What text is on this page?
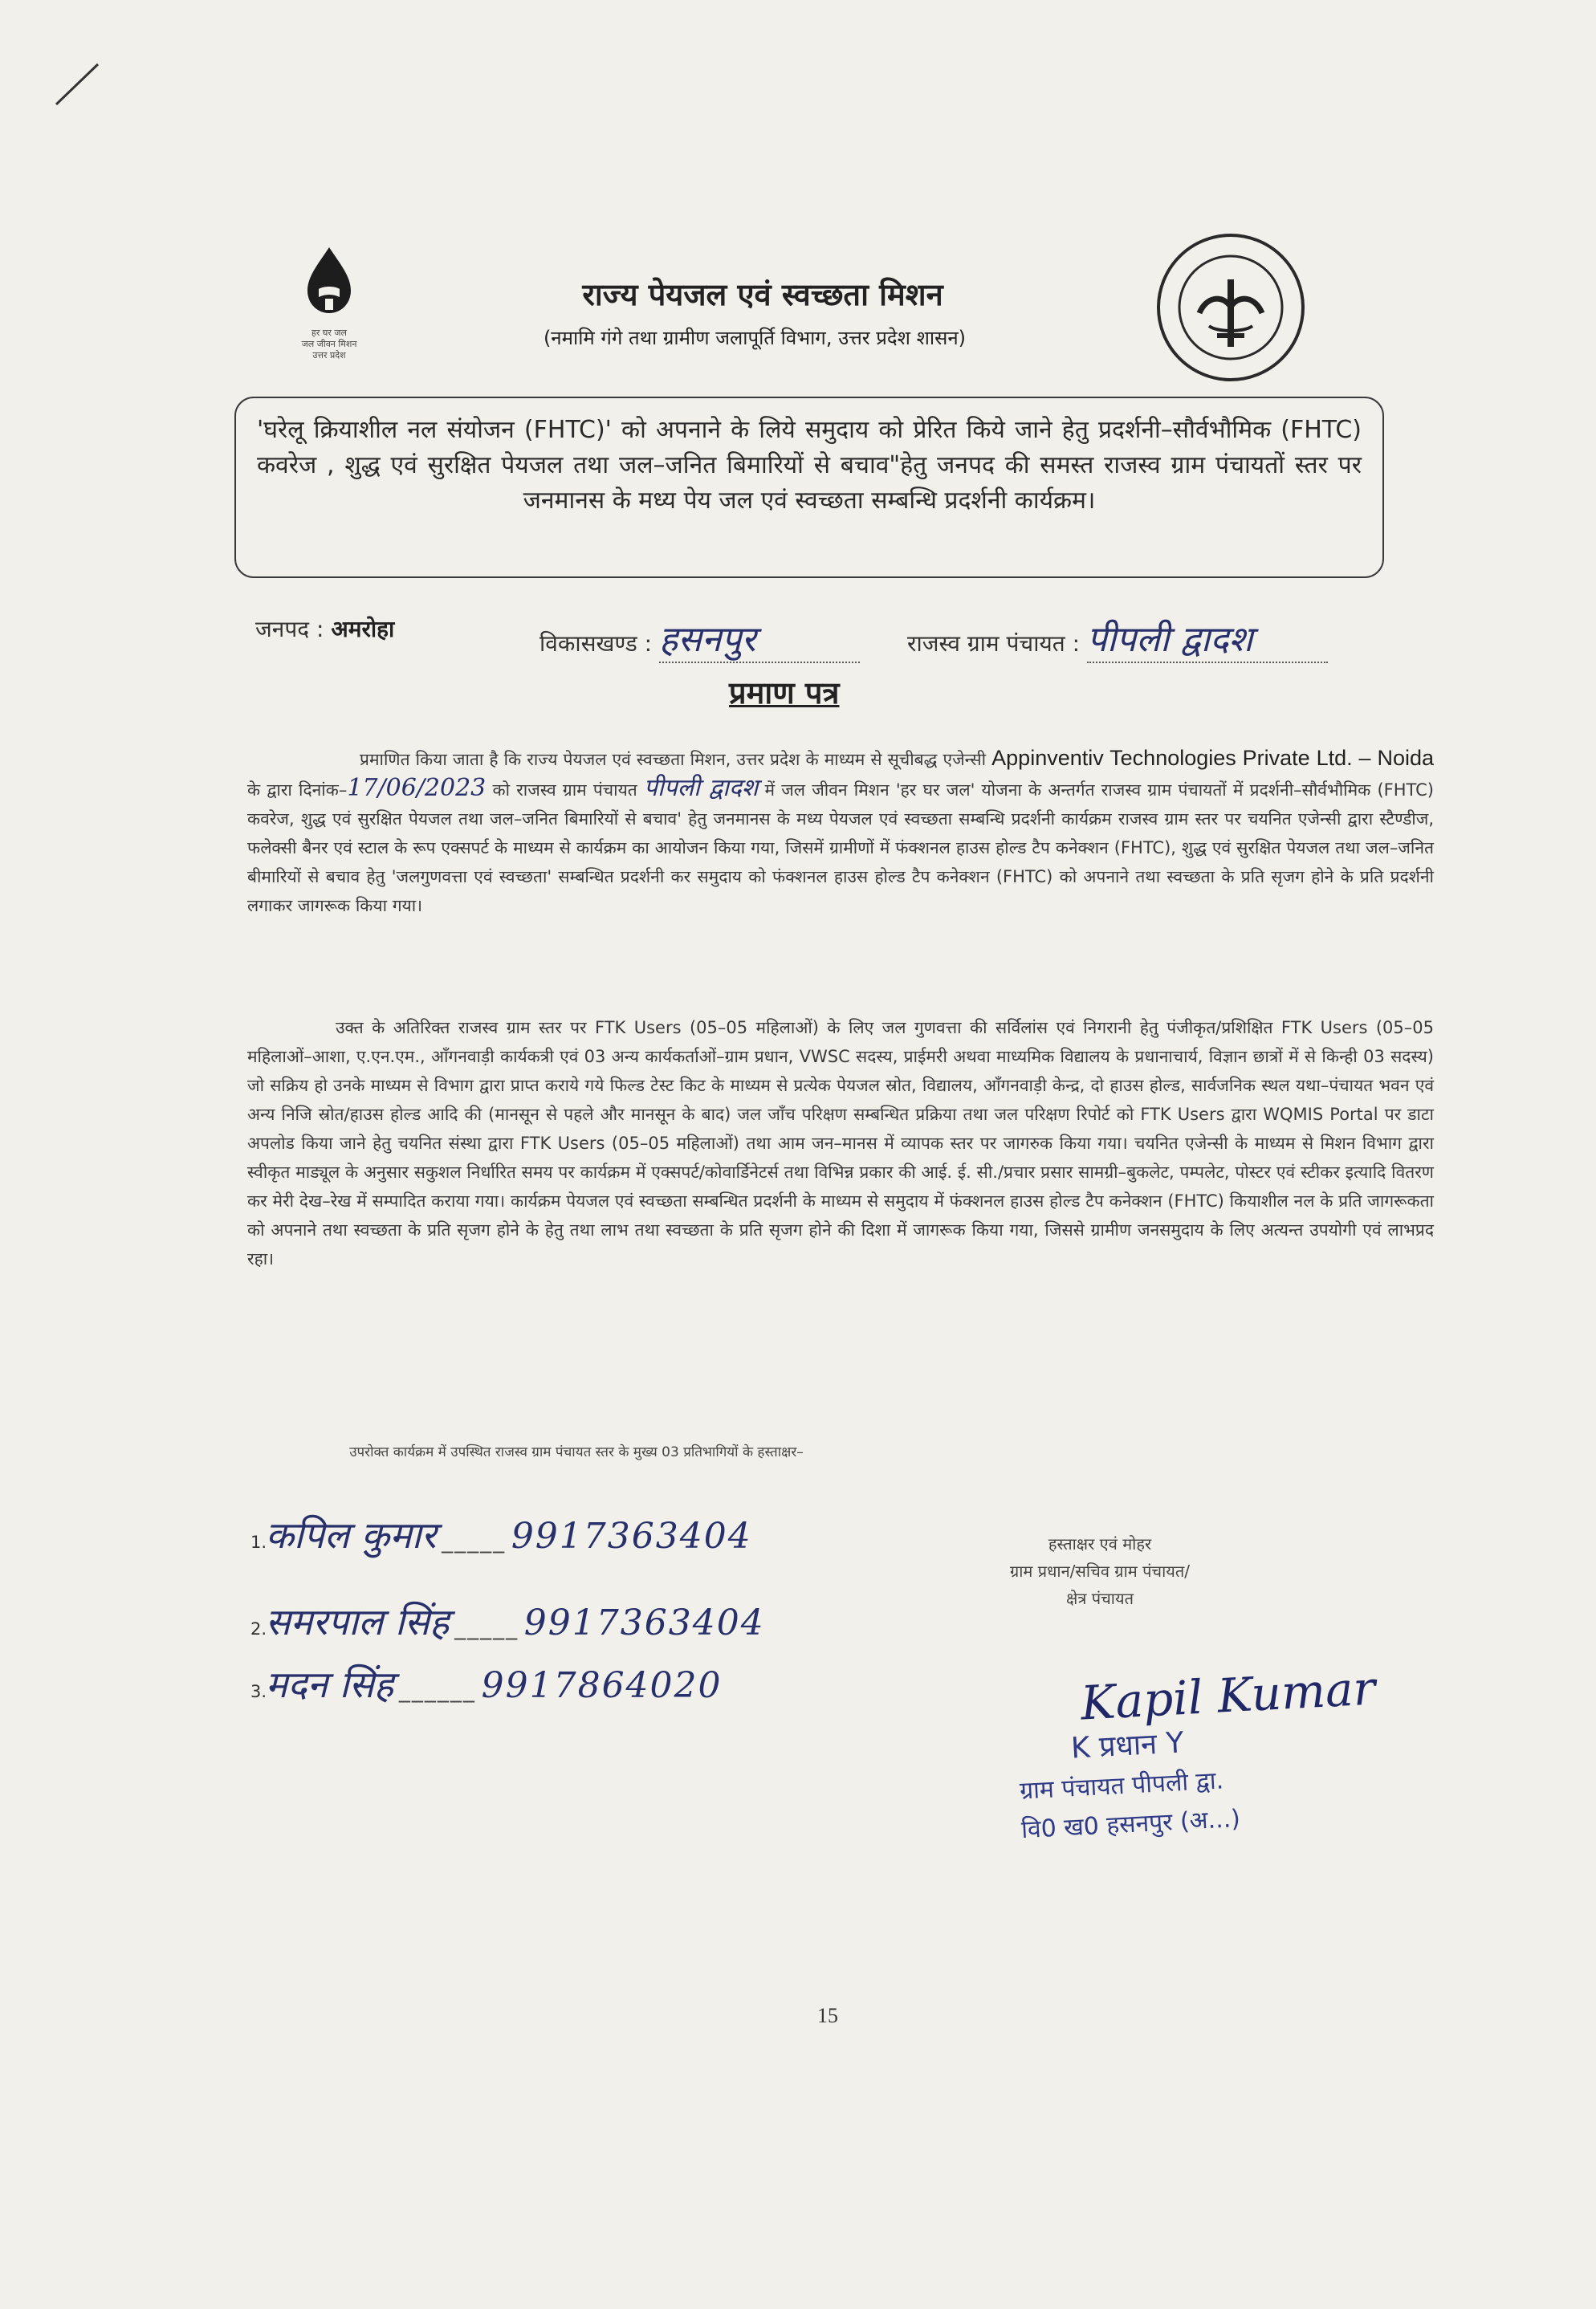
हर घर जल
जल जीवन मिशन
उत्तर प्रदेश
राज्य पेयजल एवं स्वच्छता मिशन
(नमामि गंगे तथा ग्रामीण जलापूर्ति विभाग, उत्तर प्रदेश शासन)
'घरेलू क्रियाशील नल संयोजन (FHTC)' को अपनाने के लिये समुदाय को प्रेरित किये जाने हेतु प्रदर्शनी–सौर्वभौमिक (FHTC) कवरेज , शुद्ध एवं सुरक्षित पेयजल तथा जल–जनित बिमारियों से बचाव"हेतु जनपद की समस्त राजस्व ग्राम पंचायतों स्तर पर जनमानस के मध्य पेय जल एवं स्वच्छता सम्बन्धि प्रदर्शनी कार्यक्रम।
जनपद : अमरोहा
विकासखण्ड : हसनपुर	राजस्व ग्राम पंचायत : पीपली द्वादश
प्रमाण पत्र
प्रमाणित किया जाता है कि राज्य पेयजल एवं स्वच्छता मिशन, उत्तर प्रदेश के माध्यम से सूचीबद्ध एजेन्सी Appinventiv Technologies Private Ltd. – Noida के द्वारा दिनांक–17/06/2023 को राजस्व ग्राम पंचायत पीपली द्वादश में जल जीवन मिशन 'हर घर जल' योजना के अन्तर्गत राजस्व ग्राम पंचायतों में प्रदर्शनी–सौर्वभौमिक (FHTC) कवरेज, शुद्ध एवं सुरक्षित पेयजल तथा जल–जनित बिमारियों से बचाव' हेतु जनमानस के मध्य पेयजल एवं स्वच्छता सम्बन्धि प्रदर्शनी कार्यक्रम राजस्व ग्राम स्तर पर चयनित एजेन्सी द्वारा स्टैण्डीज, फलेक्सी बैनर एवं स्टाल के रूप एक्सपर्ट के माध्यम से कार्यक्रम का आयोजन किया गया, जिसमें ग्रामीणों में फंक्शनल हाउस होल्ड टैप कनेक्शन (FHTC), शुद्ध एवं सुरक्षित पेयजल तथा जल–जनित बीमारियों से बचाव हेतु 'जलगुणवत्ता एवं स्वच्छता' सम्बन्धित प्रदर्शनी कर समुदाय को फंक्शनल हाउस होल्ड टैप कनेक्शन (FHTC) को अपनाने तथा स्वच्छता के प्रति सृजग होने के प्रति प्रदर्शनी लगाकर जागरूक किया गया।
उक्त के अतिरिक्त राजस्व ग्राम स्तर पर FTK Users (05–05 महिलाओं) के लिए जल गुणवत्ता की सर्विलांस एवं निगरानी हेतु पंजीकृत/प्रशिक्षित FTK Users (05–05 महिलाओं–आशा, ए.एन.एम., आँगनवाड़ी कार्यकत्री एवं 03 अन्य कार्यकर्ताओं–ग्राम प्रधान, VWSC सदस्य, प्राईमरी अथवा माध्यमिक विद्यालय के प्रधानाचार्य, विज्ञान छात्रों में से किन्ही 03 सदस्य) जो सक्रिय हो उनके माध्यम से विभाग द्वारा प्राप्त कराये गये फिल्ड टेस्ट किट के माध्यम से प्रत्येक पेयजल स्रोत, विद्यालय, आँगनवाड़ी केन्द्र, दो हाउस होल्ड, सार्वजनिक स्थल यथा–पंचायत भवन एवं अन्य निजि स्रोत/हाउस होल्ड आदि की (मानसून से पहले और मानसून के बाद) जल जाँच परिक्षण सम्बन्धित प्रक्रिया तथा जल परिक्षण रिपोर्ट को FTK Users द्वारा WQMIS Portal पर डाटा अपलोड किया जाने हेतु चयनित संस्था द्वारा FTK Users (05–05 महिलाओं) तथा आम जन–मानस में व्यापक स्तर पर जागरुक किया गया। चयनित एजेन्सी के माध्यम से मिशन विभाग द्वारा स्वीकृत माड्यूल के अनुसार सकुशल निर्धारित समय पर कार्यक्रम में एक्सपर्ट/कोवार्डिनेटर्स तथा विभिन्न प्रकार की आई. ई. सी./प्रचार प्रसार सामग्री–बुकलेट, पम्पलेट, पोस्टर एवं स्टीकर इत्यादि वितरण कर मेरी देख–रेख में सम्पादित कराया गया। कार्यक्रम पेयजल एवं स्वच्छता सम्बन्धित प्रदर्शनी के माध्यम से समुदाय में फंक्शनल हाउस होल्ड टैप कनेक्शन (FHTC) कियाशील नल के प्रति जागरूकता को अपनाने तथा स्वच्छता के प्रति सृजग होने के हेतु तथा लाभ तथा स्वच्छता के प्रति सृजग होने की दिशा में जागरूक किया गया, जिससे ग्रामीण जनसमुदाय के लिए अत्यन्त उपयोगी एवं लाभप्रद रहा।
उपरोक्त कार्यक्रम में उपस्थित राजस्व ग्राम पंचायत स्तर के मुख्य 03 प्रतिभागियों के हस्ताक्षर–
1. कपिल कुमार _____ 9917363404
2. समरपाल सिंह _____ 9917363404
3. मदन सिंह ______ 9917864020
हस्ताक्षर एवं मोहर
ग्राम प्रधान/सचिव ग्राम पंचायत/
क्षेत्र पंचायत
Kapil Kumar
K प्रधान Y
ग्राम पंचायत पीपली द्वा.
वि0 ख0 हसनपुर (अ...)
15
